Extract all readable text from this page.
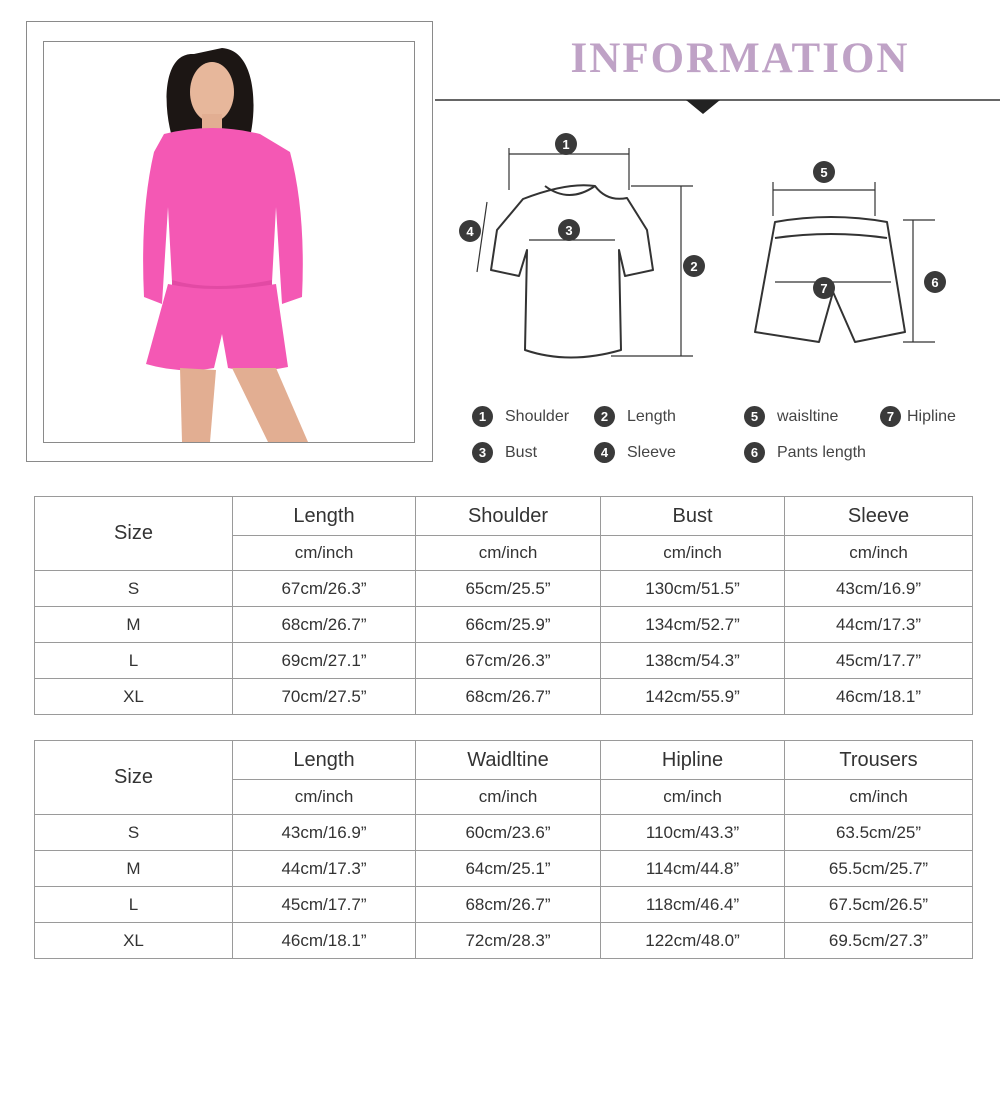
INFORMATION
1
2
3
4
5
6
7
1	Shoulder	2	Length	5	waisltine	7 Hipline
3	Bust	4	Sleeve	6	Pants length
Size	Length	Shoulder	Bust	Sleeve
	cm/inch	cm/inch	cm/inch	cm/inch
S	67cm/26.3”	65cm/25.5”	130cm/51.5”	43cm/16.9”
M	68cm/26.7”	66cm/25.9”	134cm/52.7”	44cm/17.3”
L	69cm/27.1”	67cm/26.3”	138cm/54.3”	45cm/17.7”
XL	70cm/27.5”	68cm/26.7”	142cm/55.9”	46cm/18.1”
Size	Length	Waidltine	Hipline	Trousers
	cm/inch	cm/inch	cm/inch	cm/inch
S	43cm/16.9”	60cm/23.6”	110cm/43.3”	63.5cm/25”
M	44cm/17.3”	64cm/25.1”	114cm/44.8”	65.5cm/25.7”
L	45cm/17.7”	68cm/26.7”	118cm/46.4”	67.5cm/26.5”
XL	46cm/18.1”	72cm/28.3”	122cm/48.0”	69.5cm/27.3”
